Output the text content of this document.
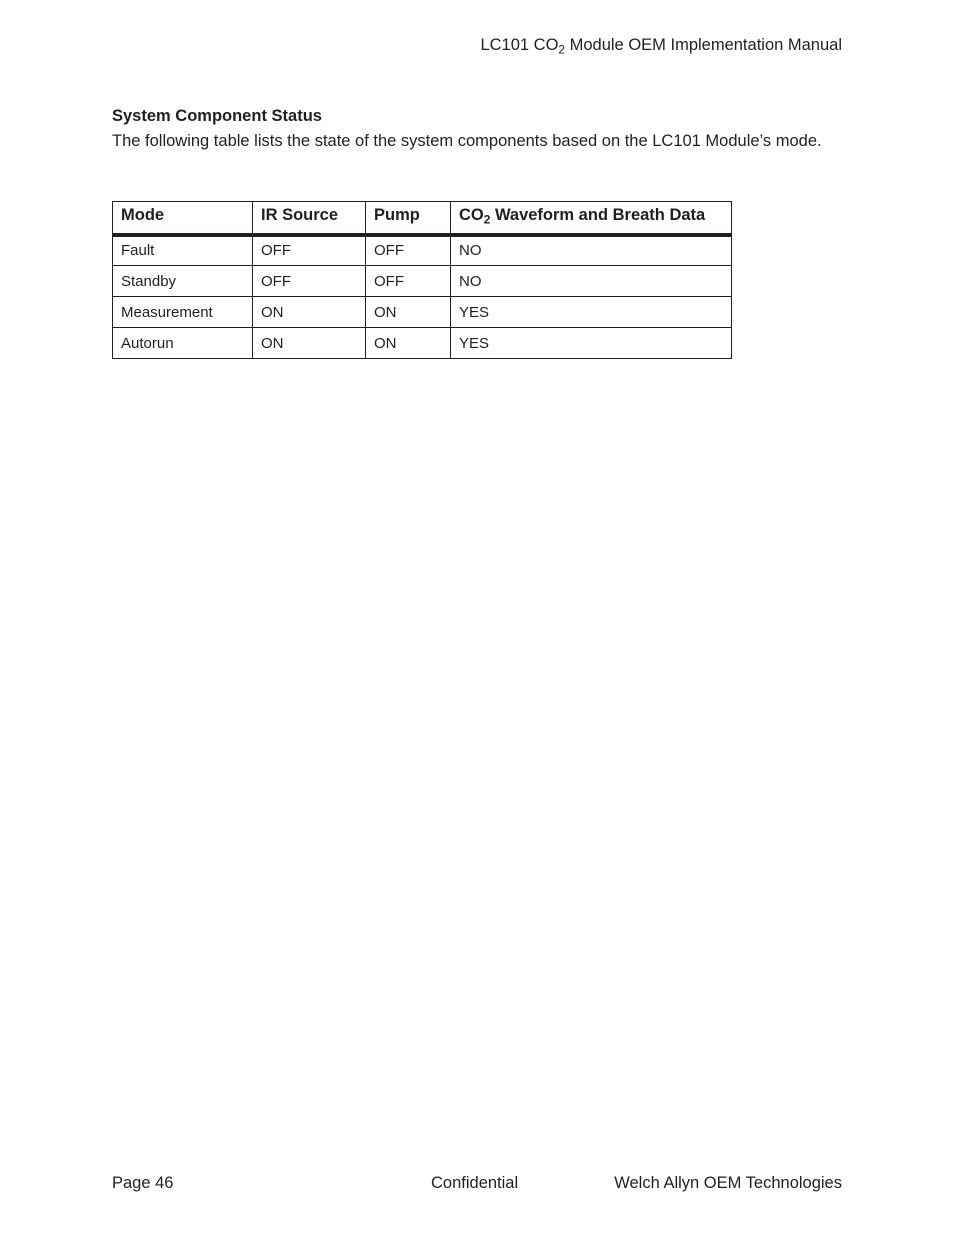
LC101 $CO_2$ Module OEM Implementation Manual
System Component Status

The following table lists the state of the system components based on the LC101 Module’s mode.

Mode	IR Source	Pump	$CO_2$ Waveform and Breath Data
Fault	OFF	OFF	NO
Standby	OFF	OFF	NO
Measurement	ON	ON	YES
Autorun	ON	ON	YES
Page 46	Confidential	Welch Allyn OEM Technologies
